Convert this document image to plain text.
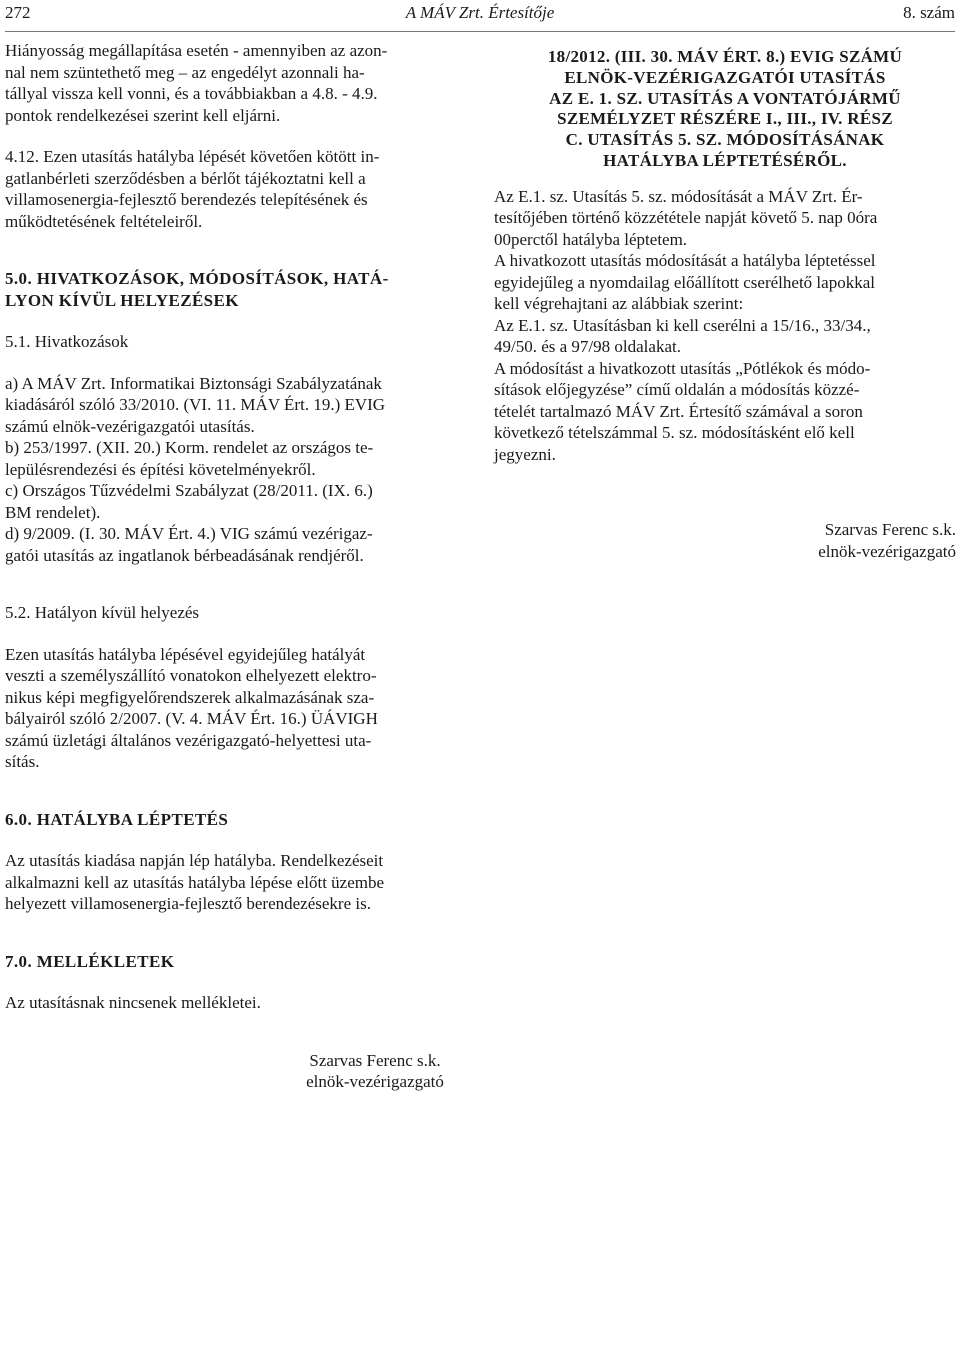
272	A MÁV Zrt. Értesítője	8. szám

Hiányosság megállapítása esetén - amennyiben az azon-
nal nem szüntethető meg – az engedélyt azonnali ha-
tállyal vissza kell vonni, és a továbbiakban a 4.8. - 4.9.
pontok rendelkezései szerint kell eljárni.

4.12. Ezen utasítás hatályba lépését követően kötött in-
gatlanbérleti szerződésben a bérlőt tájékoztatni kell a
villamosenergia-fejlesztő berendezés telepítésének és
működtetésének feltételeiről.

5.0. HIVATKOZÁSOK, MÓDOSÍTÁSOK, HATÁ-
LYON KÍVÜL HELYEZÉSEK

5.1. Hivatkozások

a) A MÁV Zrt. Informatikai Biztonsági Szabályzatának
kiadásáról szóló 33/2010. (VI. 11. MÁV Ért. 19.) EVIG
számú elnök-vezérigazgatói utasítás.
b) 253/1997. (XII. 20.) Korm. rendelet az országos te-
lepülésrendezési és építési követelményekről.
c) Országos Tűzvédelmi Szabályzat (28/2011. (IX. 6.)
BM rendelet).
d) 9/2009. (I. 30. MÁV Ért. 4.) VIG számú vezérigaz-
gatói utasítás az ingatlanok bérbeadásának rendjéről.

5.2. Hatályon kívül helyezés

Ezen utasítás hatályba lépésével egyidejűleg hatályát
veszti a személyszállító vonatokon elhelyezett elektro-
nikus képi megfigyelőrendszerek alkalmazásának sza-
bályairól szóló 2/2007. (V. 4. MÁV Ért. 16.) ÜÁVIGH
számú üzletági általános vezérigazgató-helyettesi uta-
sítás.

6.0. HATÁLYBA LÉPTETÉS

Az utasítás kiadása napján lép hatályba. Rendelkezéseit
alkalmazni kell az utasítás hatályba lépése előtt üzembe
helyezett villamosenergia-fejlesztő berendezésekre is.

7.0. MELLÉKLETEK

Az utasításnak nincsenek mellékletei.

Szarvas Ferenc s.k.
elnök-vezérigazgató

18/2012. (III. 30. MÁV ÉRT. 8.) EVIG SZÁMÚ
ELNÖK-VEZÉRIGAZGATÓI UTASÍTÁS
AZ E. 1. SZ. UTASÍTÁS A VONTATÓJÁRMŰ
SZEMÉLYZET RÉSZÉRE I., III., IV. RÉSZ
C. UTASÍTÁS 5. SZ. MÓDOSÍTÁSÁNAK
HATÁLYBA LÉPTETÉSÉRŐL.

Az E.1. sz. Utasítás 5. sz. módosítását a MÁV Zrt. Ér-
tesítőjében történő közzététele napját követő 5. nap 0óra
00perctől hatályba léptetem.
A hivatkozott utasítás módosítását a hatályba léptetéssel
egyidejűleg a nyomdailag előállított cserélhető lapokkal
kell végrehajtani az alábbiak szerint:
Az E.1. sz. Utasításban ki kell cserélni a 15/16., 33/34.,
49/50. és a 97/98 oldalakat.
A módosítást a hivatkozott utasítás „Pótlékok és módo-
sítások előjegyzése” című oldalán a módosítás közzé-
tételét tartalmazó MÁV Zrt. Értesítő számával a soron
következő tételszámmal 5. sz. módosításként elő kell
jegyezni.

Szarvas Ferenc s.k.
elnök-vezérigazgató
